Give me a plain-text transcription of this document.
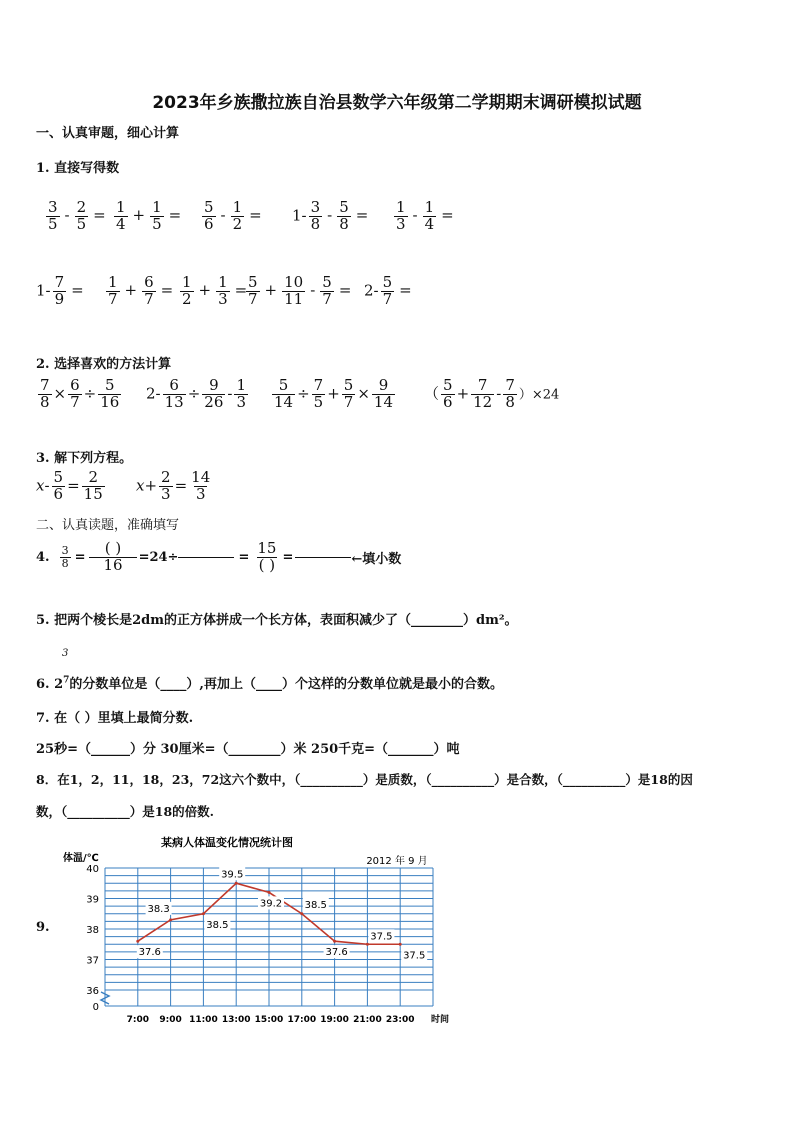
2023年乡族撒拉族自治县数学六年级第二学期期末调研模拟试题
一、认真审题，细心计算
1. 直接写得数
$\frac{3}{5} - \frac{2}{5} = \frac{1}{4} + \frac{1}{5} = \frac{5}{6} - \frac{1}{2} = 1- \frac{3}{8} - \frac{5}{8} = \frac{1}{3} - \frac{1}{4}$ =
$1- \frac{7}{9} = \frac{1}{7} + \frac{6}{7} = \frac{1}{2} + \frac{1}{3}$ =
$\frac{5}{7} + \frac{10}{11} - \frac{5}{7} = 2- \frac{5}{7}$ =
2. 选择喜欢的方法计算
$\frac{7}{8} \times \frac{6}{7} \div \frac{5}{16} 2- \frac{6}{13} \div \frac{9}{26} - \frac{1}{3} \frac{5}{14} \div \frac{7}{5} + \frac{5}{7} \times \frac{9}{14}$ （ $\frac{5}{6} + \frac{7}{12} - \frac{7}{8} )\times 24$
3. 解下列方程。
$x- \frac{5}{6} = \frac{2}{15} x+ \frac{2}{3} = \frac{14}{3}$
二、认真读题，准确填写
4. $\frac{3}{8} = \frac{( )}{16} =24\div$	= $\frac{15}{( )}$ =	←填小数
5. 把两个棱长是2dm的正方体拼成一个长方体，表面积减少了（________）dm²。
3
6. $2^7$的分数单位是（____）,再加上（____）个这样的分数单位就是最小的合数。
7. 在（ ）里填上最简分数.
25秒=（______）分 30厘米=（________）米 250千克=（_______）吨
8．在1，2，11，18，23，72这六个数中，（__________）是质数，（__________）是合数，（__________）是18的因
数，（__________）是18的倍数.
9.
某病人体温变化情况统计图
2012 年 9 月
体温/℃
40
39
38
37
36
0
7:00 9:00 11:00 13:00 15:00 17:00 19:00 21:00 23:00
37.6
38.3
38.5
39.5
39.2 38.5
37.6
37.5
37.5
时间
